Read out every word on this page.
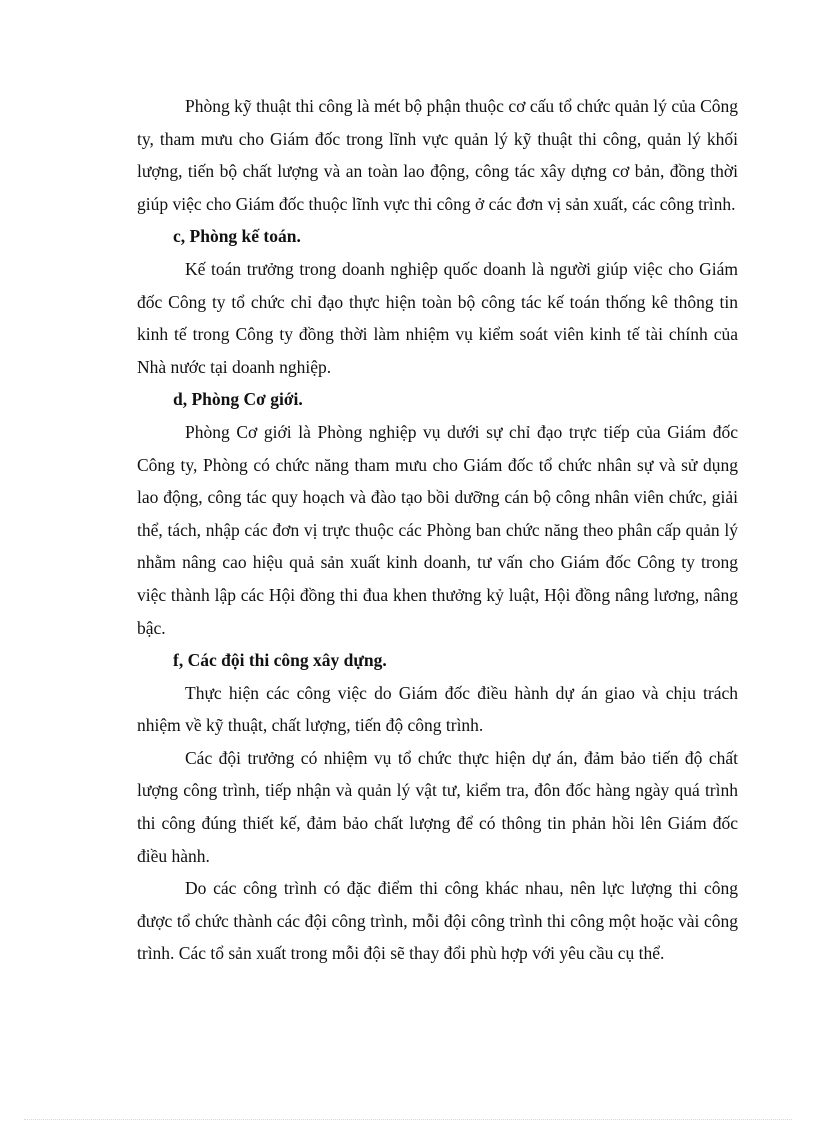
Phòng kỹ thuật thi công là mét bộ phận thuộc cơ cấu tổ chức quản lý của Công ty, tham mưu cho Giám đốc trong lĩnh vực quản lý kỹ thuật thi công, quản lý khối lượng, tiến bộ chất lượng và an toàn lao động, công tác xây dựng cơ bản, đồng thời giúp việc cho Giám đốc thuộc lĩnh vực thi công ở các đơn vị sản xuất, các công trình.

c, Phòng kế toán.

Kế toán trưởng trong doanh nghiệp quốc doanh là người giúp việc cho Giám đốc Công ty tổ chức chỉ đạo thực hiện toàn bộ công tác kế toán thống kê thông tin kinh tế trong Công ty đồng thời làm nhiệm vụ kiểm soát viên kinh tế tài chính của Nhà nước tại doanh nghiệp.

d, Phòng Cơ giới.

Phòng Cơ giới là Phòng nghiệp vụ dưới sự chỉ đạo trực tiếp của Giám đốc Công ty, Phòng có chức năng tham mưu cho Giám đốc tổ chức nhân sự và sử dụng lao động, công tác quy hoạch và đào tạo bồi dưỡng cán bộ công nhân viên chức, giải thể, tách, nhập các đơn vị trực thuộc các Phòng ban chức năng theo phân cấp quản lý nhằm nâng cao hiệu quả sản xuất kinh doanh, tư vấn cho Giám đốc Công ty trong việc thành lập các Hội đồng thi đua khen thưởng kỷ luật, Hội đồng nâng lương, nâng bậc.

f, Các đội thi công xây dựng.

Thực hiện các công việc do Giám đốc điều hành dự án giao và chịu trách nhiệm về kỹ thuật, chất lượng, tiến độ công trình.

Các đội trưởng có nhiệm vụ tổ chức thực hiện dự án, đảm bảo tiến độ chất lượng công trình, tiếp nhận và quản lý vật tư, kiểm tra, đôn đốc hàng ngày quá trình thi công đúng thiết kế, đảm bảo chất lượng để có thông tin phản hồi lên Giám đốc điều hành.

Do các công trình có đặc điểm thi công khác nhau, nên lực lượng thi công được tổ chức thành các đội công trình, mỗi đội công trình thi công một hoặc vài công trình. Các tổ sản xuất trong mỗi đội sẽ thay đổi phù hợp với yêu cầu cụ thể.
